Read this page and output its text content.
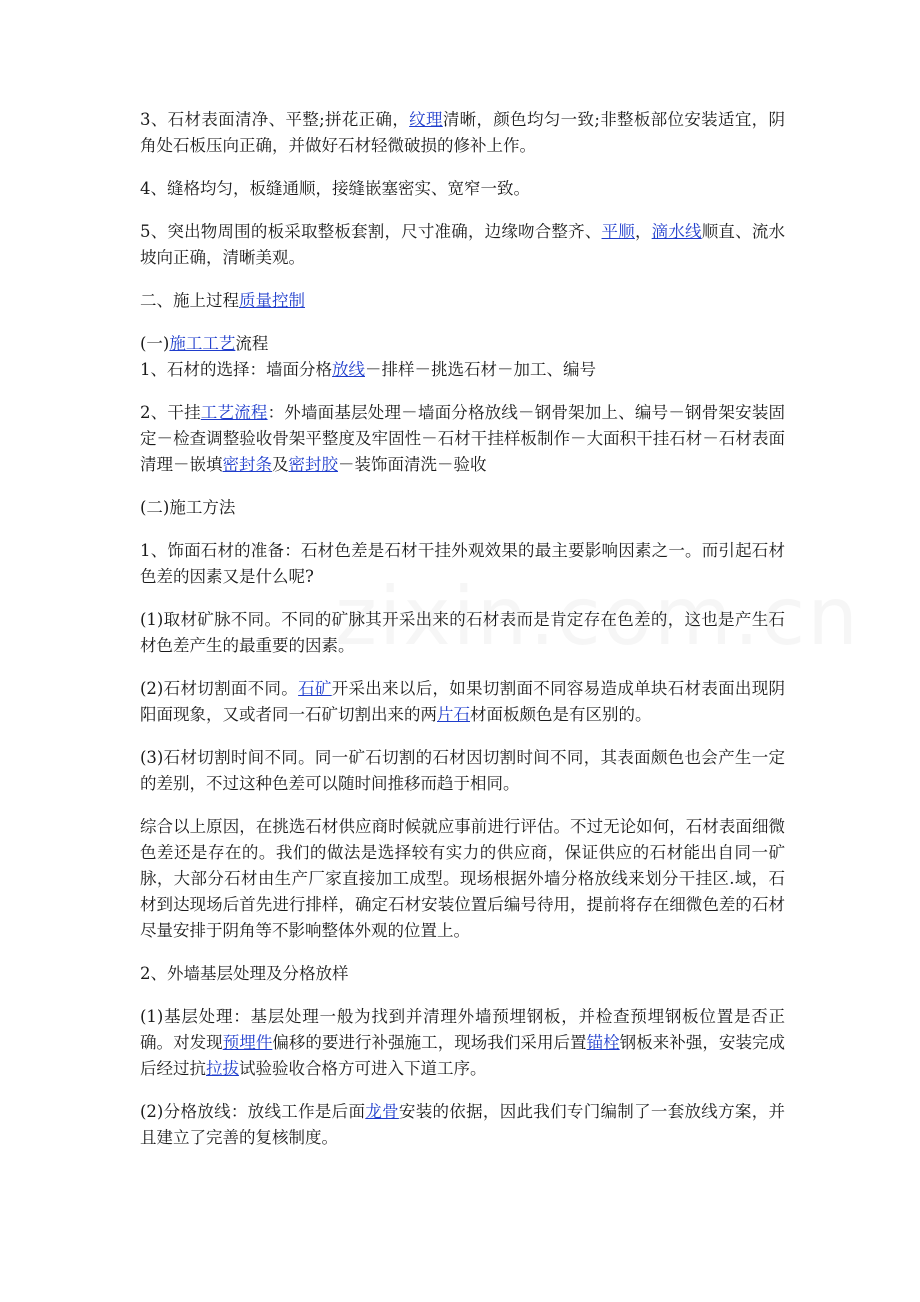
3、石材表面清净、平整;拼花正确，纹理清晰，颜色均匀一致;非整板部位安装适宜，阴角处石板压向正确，并做好石材轻微破损的修补上作。

4、缝格均匀，板缝通顺，接缝嵌塞密实、宽窄一致。

5、突出物周围的板采取整板套割，尺寸准确，边缘吻合整齐、平顺，滴水线顺直、流水坡向正确，清晰美观。

二、施上过程质量控制

(一)施工工艺流程

1、石材的选择：墙面分格放线－排样－挑选石材－加工、编号

2、干挂工艺流程：外墙面基层处理－墙面分格放线－钢骨架加上、编号－钢骨架安装固定－检查调整验收骨架平整度及牢固性－石材干挂样板制作－大面积干挂石材－石材表面清理－嵌填密封条及密封胶－装饰面清洗－验收

(二)施工方法

1、饰面石材的准备：石材色差是石材干挂外观效果的最主要影响因素之一。而引起石材色差的因素又是什么呢?

(1)取材矿脉不同。不同的矿脉其开采出来的石材表而是肯定存在色差的，这也是产生石材色差产生的最重要的因素。

(2)石材切割面不同。石矿开采出来以后，如果切割面不同容易造成单块石材表面出现阴阳面现象，又或者同一石矿切割出来的两片石材面板颇色是有区别的。

(3)石材切割时间不同。同一矿石切割的石材因切割时间不同，其表面颇色也会产生一定的差别，不过这种色差可以随时间推移而趋于相同。

综合以上原因，在挑选石材供应商时候就应事前进行评估。不过无论如何，石材表面细微色差还是存在的。我们的做法是选择较有实力的供应商，保证供应的石材能出自同一矿脉，大部分石材由生产厂家直接加工成型。现场根据外墙分格放线来划分干挂区.域，石材到达现场后首先进行排样，确定石材安装位置后编号待用，提前将存在细微色差的石材尽量安排于阴角等不影响整体外观的位置上。

2、外墙基层处理及分格放样

(1)基层处理：基层处理一般为找到并清理外墙预埋钢板，并检查预埋钢板位置是否正确。对发现预埋件偏移的要进行补强施工，现场我们采用后置锚栓钢板来补强，安装完成后经过抗拉拔试验验收合格方可进入下道工序。

(2)分格放线：放线工作是后面龙骨安装的依据，因此我们专门编制了一套放线方案，并且建立了完善的复核制度。
